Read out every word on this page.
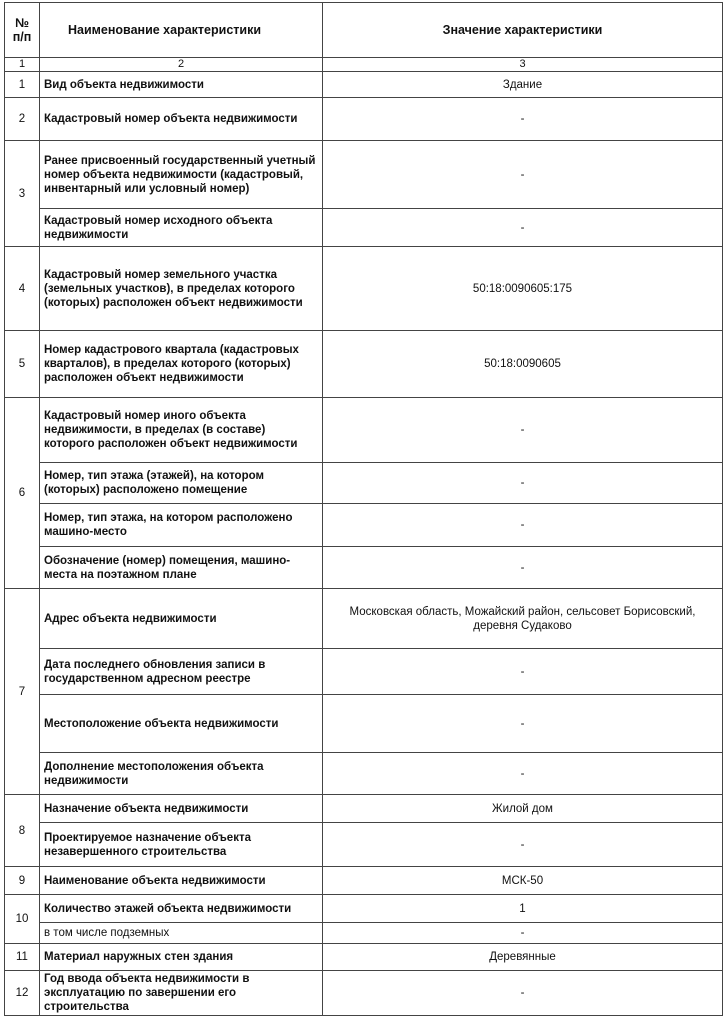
№ п/п	Наименование характеристики	Значение характеристики
1	2	3
1	Вид объекта недвижимости	Здание
2	Кадастровый номер объекта недвижимости	-
3	Ранее присвоенный государственный учетный номер объекта недвижимости (кадастровый, инвентарный или условный номер)	-
	Кадастровый номер исходного объекта недвижимости	-
4	Кадастровый номер земельного участка (земельных участков), в пределах которого (которых) расположен объект недвижимости	50:18:0090605:175
5	Номер кадастрового квартала (кадастровых кварталов), в пределах которого (которых) расположен объект недвижимости	50:18:0090605
6	Кадастровый номер иного объекта недвижимости, в пределах (в составе) которого расположен объект недвижимости	-
	Номер, тип этажа (этажей), на котором (которых) расположено помещение	-
	Номер, тип этажа, на котором расположено машино-место	-
	Обозначение (номер) помещения, машино-места на поэтажном плане	-
7	Адрес объекта недвижимости	Московская область, Можайский район, сельсовет Борисовский, деревня Судаково
	Дата последнего обновления записи в государственном адресном реестре	-
	Местоположение объекта недвижимости	-
	Дополнение местоположения объекта недвижимости	-
8	Назначение объекта недвижимости	Жилой дом
	Проектируемое назначение объекта незавершенного строительства	-
9	Наименование объекта недвижимости	МСК-50
10	Количество этажей объекта недвижимости	1
	в том числе подземных	-
11	Материал наружных стен здания	Деревянные
12	Год ввода объекта недвижимости в эксплуатацию по завершении его строительства	-
